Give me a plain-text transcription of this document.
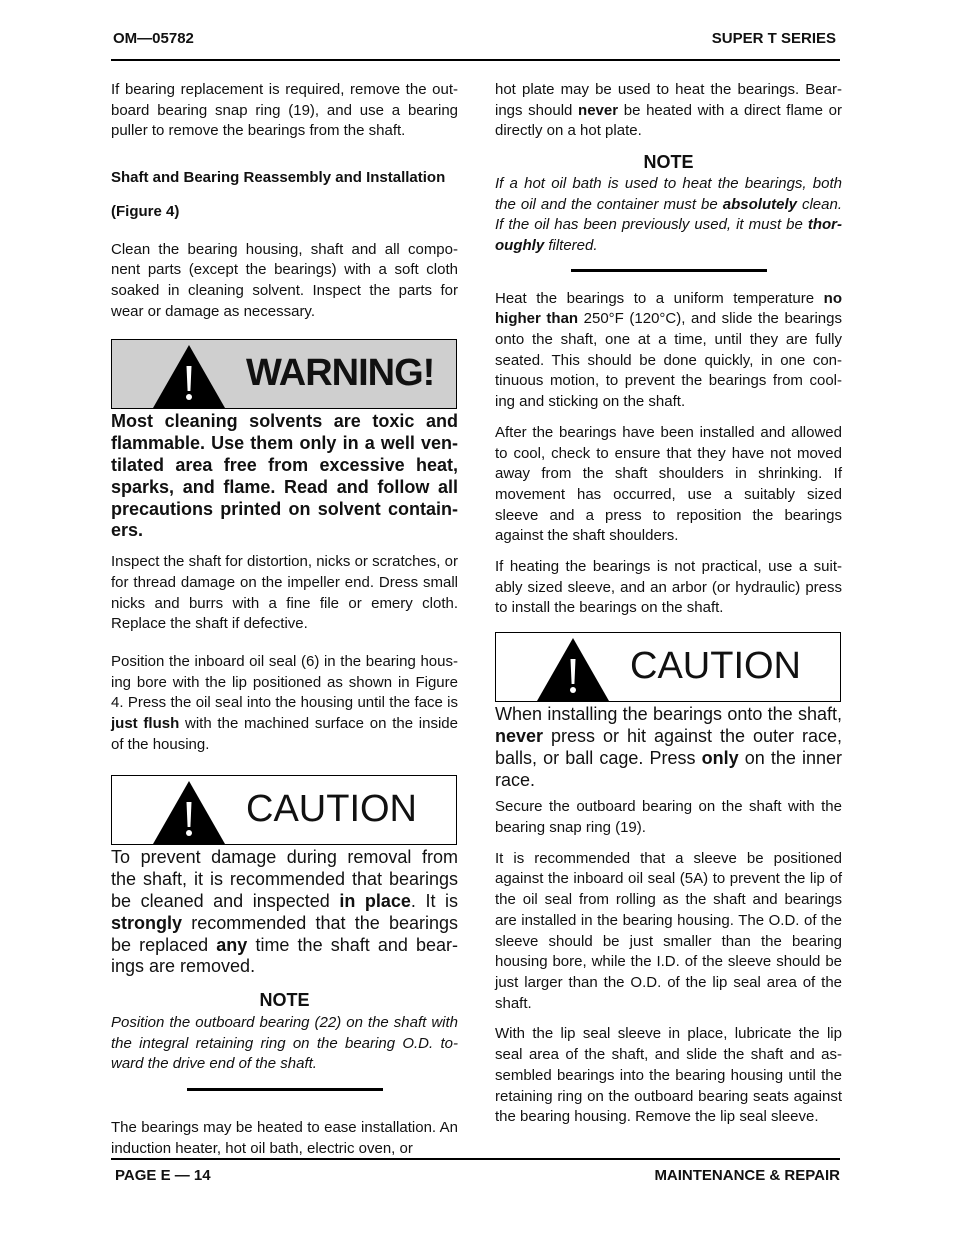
OM—05782	SUPER T SERIES

If bearing replacement is required, remove the out-board bearing snap ring (19), and use a bearing puller to remove the bearings from the shaft.

Shaft and Bearing Reassembly and Installation

(Figure 4)

Clean the bearing housing, shaft and all compo-nent parts (except the bearings) with a soft cloth soaked in cleaning solvent. Inspect the parts for wear or damage as necessary.

WARNING!

Most cleaning solvents are toxic and flammable. Use them only in a well ven-tilated area free from excessive heat, sparks, and flame. Read and follow all precautions printed on solvent contain-ers.

Inspect the shaft for distortion, nicks or scratches, or for thread damage on the impeller end. Dress small nicks and burrs with a fine file or emery cloth. Replace the shaft if defective.

Position the inboard oil seal (6) in the bearing hous-ing bore with the lip positioned as shown in Figure 4. Press the oil seal into the housing until the face is just flush with the machined surface on the inside of the housing.

CAUTION

To prevent damage during removal from the shaft, it is recommended that bearings be cleaned and inspected in place. It is strongly recommended that the bearings be replaced any time the shaft and bear-ings are removed.

NOTE

Position the outboard bearing (22) on the shaft with the integral retaining ring on the bearing O.D. to-ward the drive end of the shaft.

The bearings may be heated to ease installation. An induction heater, hot oil bath, electric oven, or

hot plate may be used to heat the bearings. Bear-ings should never be heated with a direct flame or directly on a hot plate.

NOTE

If a hot oil bath is used to heat the bearings, both the oil and the container must be absolutely clean. If the oil has been previously used, it must be thor-oughly filtered.

Heat the bearings to a uniform temperature no higher than 250°F (120°C), and slide the bearings onto the shaft, one at a time, until they are fully seated. This should be done quickly, in one con-tinuous motion, to prevent the bearings from cool-ing and sticking on the shaft.

After the bearings have been installed and allowed to cool, check to ensure that they have not moved away from the shaft shoulders in shrinking. If movement has occurred, use a suitably sized sleeve and a press to reposition the bearings against the shaft shoulders.

If heating the bearings is not practical, use a suit-ably sized sleeve, and an arbor (or hydraulic) press to install the bearings on the shaft.

CAUTION

When installing the bearings onto the shaft, never press or hit against the outer race, balls, or ball cage. Press only on the inner race.

Secure the outboard bearing on the shaft with the bearing snap ring (19).

It is recommended that a sleeve be positioned against the inboard oil seal (5A) to prevent the lip of the oil seal from rolling as the shaft and bearings are installed in the bearing housing. The O.D. of the sleeve should be just smaller than the bearing housing bore, while the I.D. of the sleeve should be just larger than the O.D. of the lip seal area of the shaft.

With the lip seal sleeve in place, lubricate the lip seal area of the shaft, and slide the shaft and as-sembled bearings into the bearing housing until the retaining ring on the outboard bearing seats against the bearing housing. Remove the lip seal sleeve.

PAGE E — 14	MAINTENANCE & REPAIR
